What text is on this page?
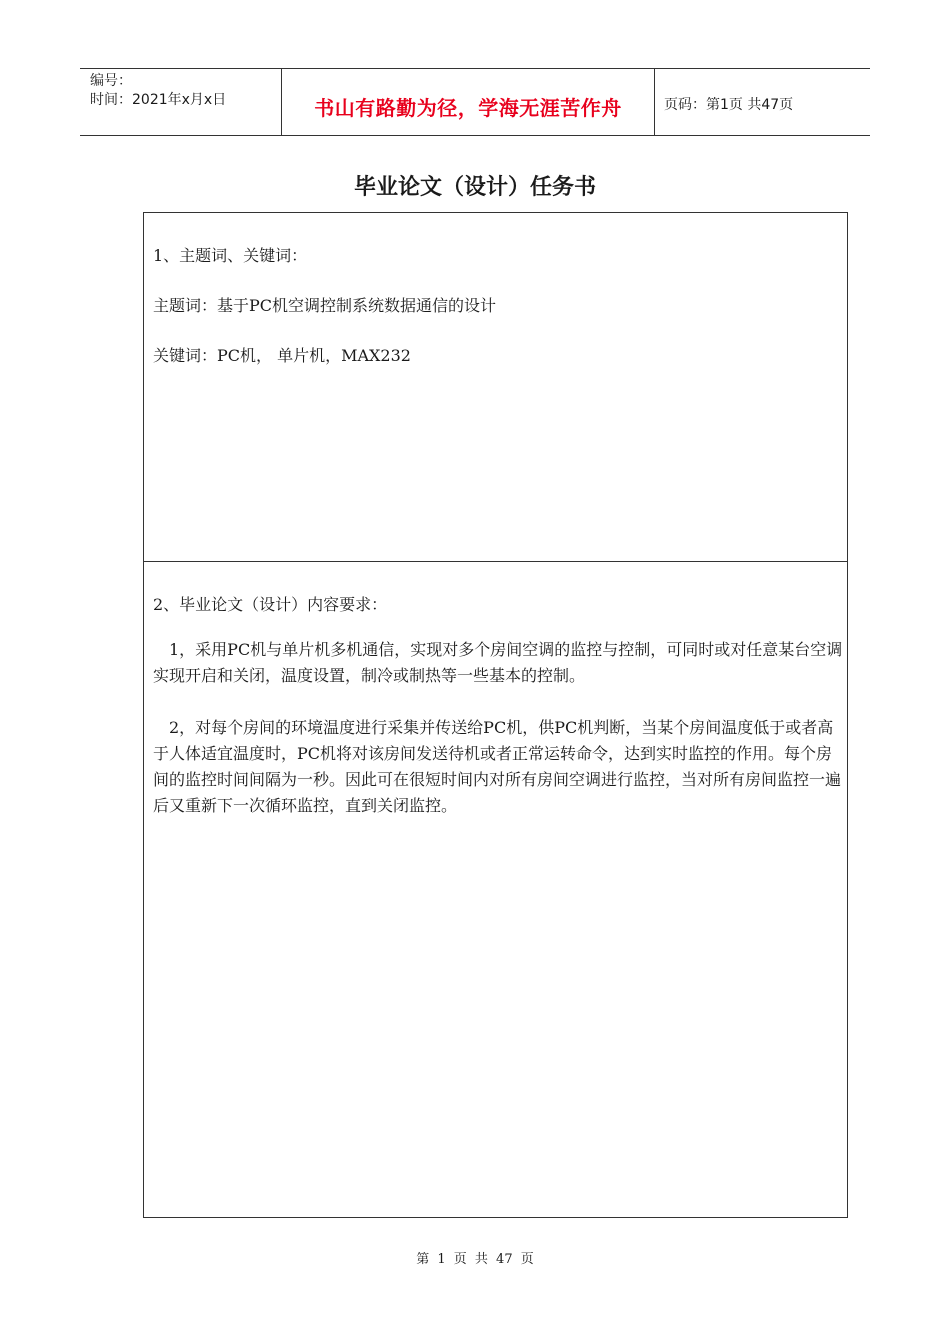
编号：
时间：2021年x月x日	书山有路勤为径，学海无涯苦作舟	页码：第1页 共47页
毕业论文（设计）任务书
1、主题词、关键词：
主题词：基于PC机空调控制系统数据通信的设计
关键词：PC机， 单片机，MAX232
2、毕业论文（设计）内容要求：
1，采用PC机与单片机多机通信，实现对多个房间空调的监控与控制，可同时或对任意某台空调实现开启和关闭，温度设置，制冷或制热等一些基本的控制。
2，对每个房间的环境温度进行采集并传送给PC机，供PC机判断，当某个房间温度低于或者高于人体适宜温度时，PC机将对该房间发送待机或者正常运转命令，达到实时监控的作用。每个房间的监控时间间隔为一秒。因此可在很短时间内对所有房间空调进行监控，当对所有房间监控一遍后又重新下一次循环监控，直到关闭监控。
第 1 页 共 47 页
